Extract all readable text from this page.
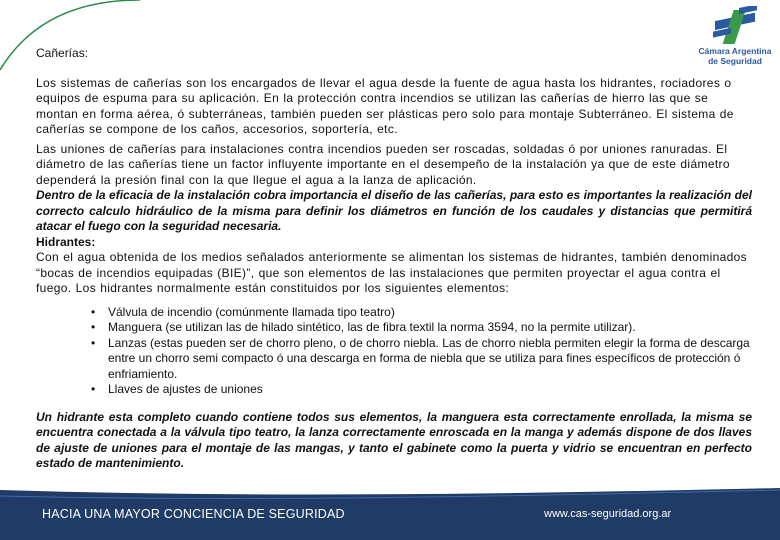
Cámara Argentina
de Seguridad
Cañerías:

Los sistemas de cañerías son los encargados de llevar el agua desde la fuente de agua hasta los hidrantes, rociadores o equipos de espuma para su aplicación. En la protección contra incendios se utilizan las cañerías de hierro las que se montan en forma aérea, ó subterráneas, también pueden ser plásticas pero solo para montaje Subterráneo. El sistema de cañerías se compone de los caños, accesorios, soportería, etc.

Las uniones de cañerías para instalaciones contra incendios pueden ser roscadas, soldadas ó por uniones ranuradas. El diámetro de las cañerías tiene un factor influyente importante en el desempeño de la instalación ya que de este diámetro dependerá la presión final con la que llegue el agua a la lanza de aplicación.

Dentro de la eficacia de la instalación cobra importancia el diseño de las cañerías, para esto es importantes la realización del correcto calculo hidráulico de la misma para definir los diámetros en función de los caudales y distancias que permitirá atacar el fuego con la seguridad necesaria.

Hidrantes:

Con el agua obtenida de los medios señalados anteriormente se alimentan los sistemas de hidrantes, también denominados “bocas de incendios equipadas (BIE)”, que son elementos de las instalaciones que permiten proyectar el agua contra el fuego. Los hidrantes normalmente están constituidos por los siguientes elementos:

• Válvula de incendio (comúnmente llamada tipo teatro)
• Manguera (se utilizan las de hilado sintético, las de fibra textil la norma 3594, no la permite utilizar).
• Lanzas (estas pueden ser de chorro pleno, o de chorro niebla. Las de chorro niebla permiten elegir la forma de descarga entre un chorro semi compacto ó una descarga en forma de niebla que se utiliza para fines específicos de protección ó enfriamiento.
• Llaves de ajustes de uniones

Un hidrante esta completo cuando contiene todos sus elementos, la manguera esta correctamente enrollada, la misma se encuentra conectada a la válvula tipo teatro, la lanza correctamente enroscada en la manga y además dispone de dos llaves de ajuste de uniones para el montaje de las mangas, y tanto el gabinete como la puerta y vidrio se encuentran en perfecto estado de mantenimiento.

HACIA UNA MAYOR CONCIENCIA DE SEGURIDAD	www.cas-seguridad.org.ar
